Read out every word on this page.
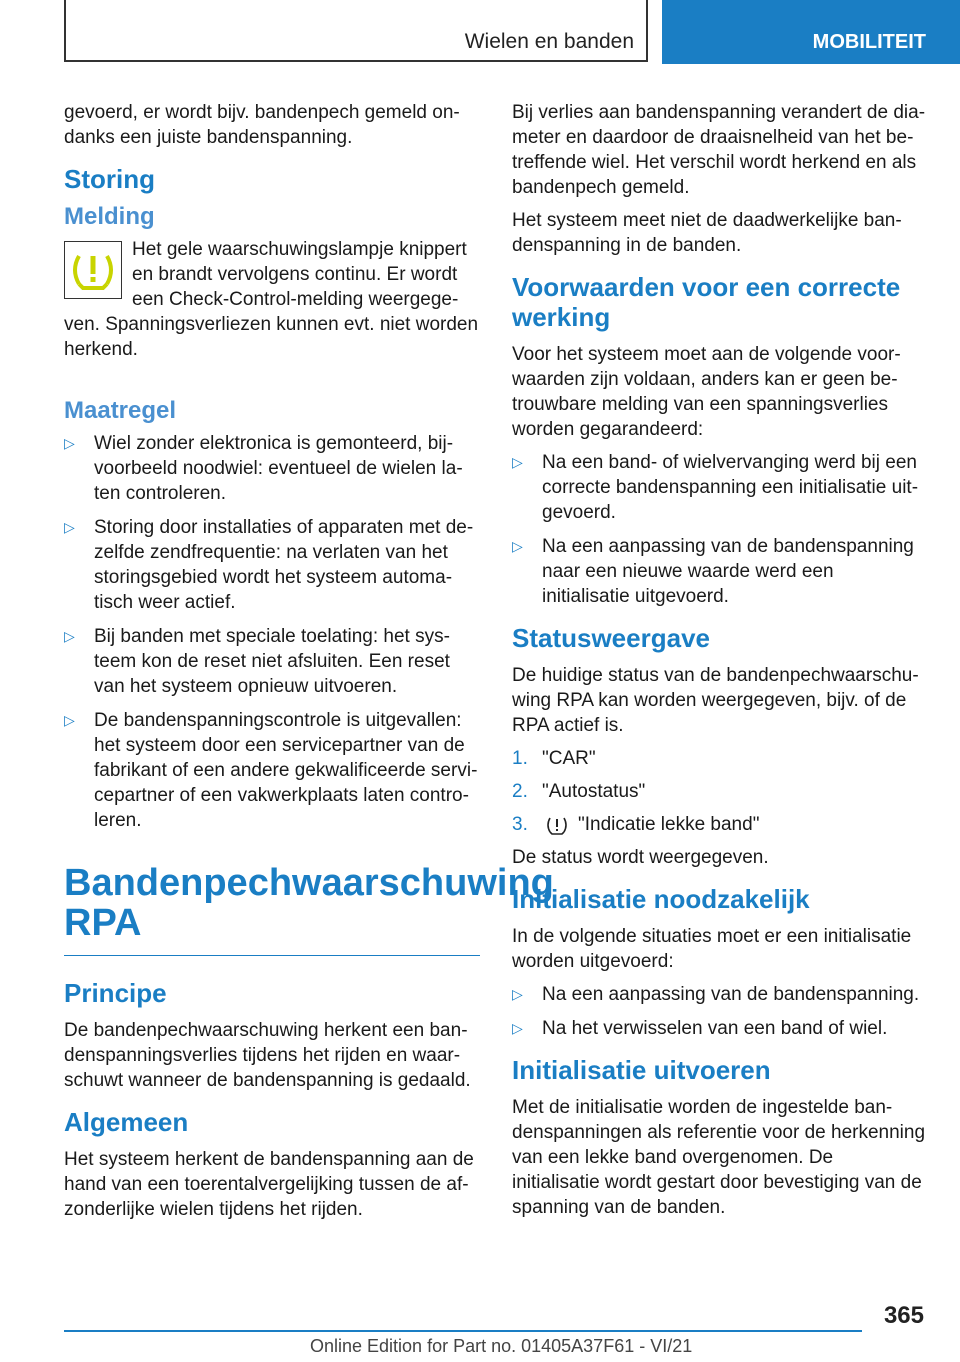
Wielen en banden	MOBILITEIT

gevoerd, er wordt bijv. bandenpech gemeld ondanks een juiste bandenspanning.

Storing
Melding

Het gele waarschuwingslampje knippert en brandt vervolgens continu. Er wordt een Check-Control-melding weergegeven. Spanningsverliezen kunnen evt. niet worden herkend.

Maatregel
▷ Wiel zonder elektronica is gemonteerd, bijvoorbeeld noodwiel: eventueel de wielen laten controleren.
▷ Storing door installaties of apparaten met dezelfde zendfrequentie: na verlaten van het storingsgebied wordt het systeem automatisch weer actief.
▷ Bij banden met speciale toelating: het systeem kon de reset niet afsluiten. Een reset van het systeem opnieuw uitvoeren.
▷ De bandenspanningscontrole is uitgevallen: het systeem door een servicepartner van de fabrikant of een andere gekwalificeerde servicepartner of een vakwerkplaats laten controleren.
Bandenpechwaarschuwing RPA
Principe

De bandenpechwaarschuwing herkent een bandenspanningsverlies tijdens het rijden en waarschuwt wanneer de bandenspanning is gedaald.

Algemeen

Het systeem herkent de bandenspanning aan de hand van een toerentalvergelijking tussen de afzonderlijke wielen tijdens het rijden.

Bij verlies aan bandenspanning verandert de diameter en daardoor de draaisnelheid van het betreffende wiel. Het verschil wordt herkend en als bandenpech gemeld.

Het systeem meet niet de daadwerkelijke bandenspanning in de banden.

Voorwaarden voor een correcte werking

Voor het systeem moet aan de volgende voorwaarden zijn voldaan, anders kan er geen betrouwbare melding van een spanningsverlies worden gegarandeerd:

▷ Na een band- of wielvervanging werd bij een correcte bandenspanning een initialisatie uitgevoerd.
▷ Na een aanpassing van de bandenspanning naar een nieuwe waarde werd een initialisatie uitgevoerd.
Statusweergave

De huidige status van de bandenpechwaarschuwing RPA kan worden weergegeven, bijv. of de RPA actief is.

1. "CAR"
2. "Autostatus"
3.	"Indicatie lekke band"

De status wordt weergegeven.

Initialisatie noodzakelijk

In de volgende situaties moet er een initialisatie worden uitgevoerd:

▷ Na een aanpassing van de bandenspanning.
▷ Na het verwisselen van een band of wiel.
Initialisatie uitvoeren

Met de initialisatie worden de ingestelde bandenspanningen als referentie voor de herkenning van een lekke band overgenomen. De initialisatie wordt gestart door bevestiging van de spanning van de banden.

365
Online Edition for Part no. 01405A37F61 - VI/21
